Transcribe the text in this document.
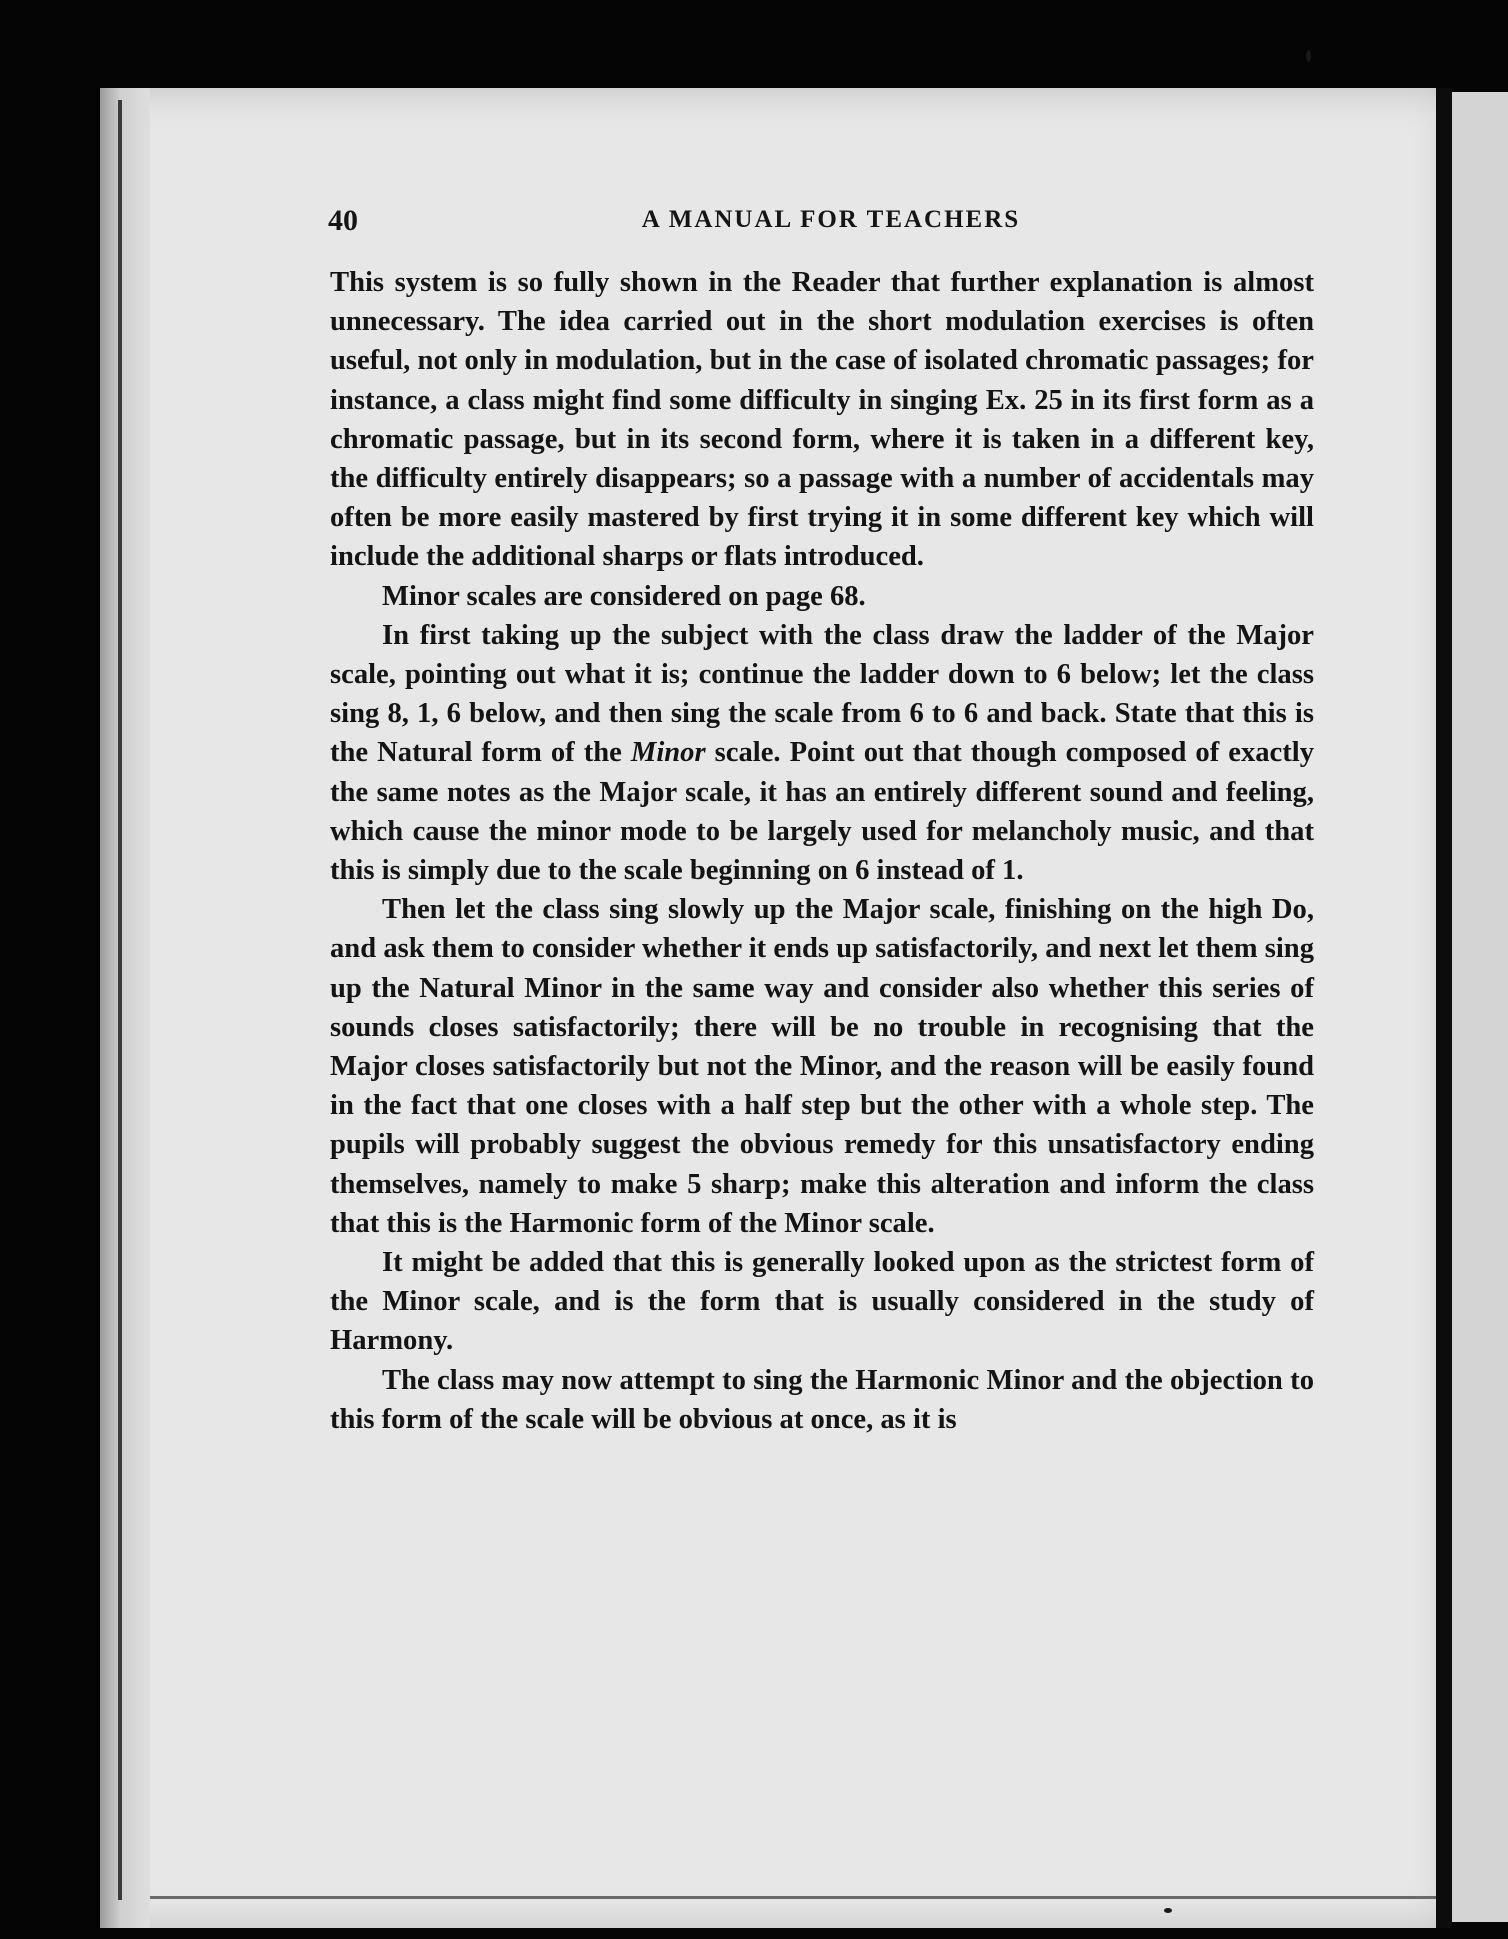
40	A MANUAL FOR TEACHERS

This system is so fully shown in the Reader that further explanation is almost unnecessary. The idea carried out in the short modulation exercises is often useful, not only in modulation, but in the case of isolated chromatic passages; for instance, a class might find some difficulty in singing Ex. 25 in its first form as a chromatic passage, but in its second form, where it is taken in a different key, the difficulty entirely disappears; so a passage with a number of accidentals may often be more easily mastered by first trying it in some different key which will include the additional sharps or flats introduced.

Minor scales are considered on page 68.

In first taking up the subject with the class draw the ladder of the Major scale, pointing out what it is; continue the ladder down to 6 below; let the class sing 8, 1, 6 below, and then sing the scale from 6 to 6 and back. State that this is the Natural form of the Minor scale. Point out that though composed of exactly the same notes as the Major scale, it has an entirely different sound and feeling, which cause the minor mode to be largely used for melancholy music, and that this is simply due to the scale beginning on 6 instead of 1.

Then let the class sing slowly up the Major scale, finishing on the high Do, and ask them to consider whether it ends up satisfactorily, and next let them sing up the Natural Minor in the same way and consider also whether this series of sounds closes satisfactorily; there will be no trouble in recognising that the Major closes satisfactorily but not the Minor, and the reason will be easily found in the fact that one closes with a half step but the other with a whole step. The pupils will probably suggest the obvious remedy for this unsatisfactory ending themselves, namely to make 5 sharp; make this alteration and inform the class that this is the Harmonic form of the Minor scale.

It might be added that this is generally looked upon as the strictest form of the Minor scale, and is the form that is usually considered in the study of Harmony.

The class may now attempt to sing the Harmonic Minor and the objection to this form of the scale will be obvious at once, as it is
